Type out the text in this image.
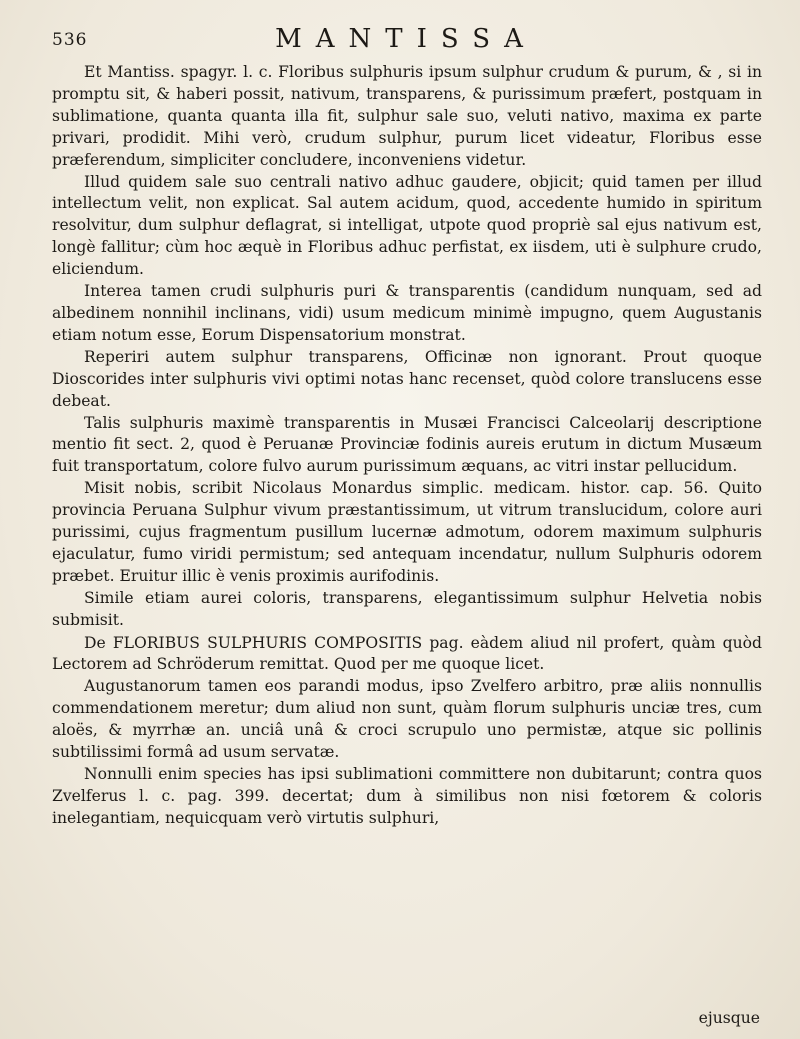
536	MANTISSA

Et Mantiss. spagyr. l. c. Floribus sulphuris ipsum sulphur crudum & purum, & , si in promptu sit, & haberi possit, nativum, transparens, & purissimum præfert, postquam in sublimatione, quanta quanta illa fit, sulphur sale suo, veluti nativo, maxima ex parte privari, prodidit. Mihi verò, crudum sulphur, purum licet videatur, Floribus esse præferendum, simpliciter concludere, inconveniens videtur.

Illud quidem sale suo centrali nativo adhuc gaudere, objicit; quid tamen per illud intellectum velit, non explicat. Sal autem acidum, quod, accedente humido in spiritum resolvitur, dum sulphur deflagrat, si intelligat, utpote quod propriè sal ejus nativum est, longè fallitur; cùm hoc æquè in Floribus adhuc perfistat, ex iisdem, uti è sulphure crudo, eliciendum.

Interea tamen crudi sulphuris puri & transparentis (candidum nunquam, sed ad albedinem nonnihil inclinans, vidi) usum medicum minimè impugno, quem Augustanis etiam notum esse, Eorum Dispensatorium monstrat.

Reperiri autem sulphur transparens, Officinæ non ignorant. Prout quoque Dioscorides inter sulphuris vivi optimi notas hanc recenset, quòd colore translucens esse debeat.

Talis sulphuris maximè transparentis in Musæi Francisci Calceolarij descriptione mentio fit sect. 2, quod è Peruanæ Provinciæ fodinis aureis erutum in dictum Musæum fuit transportatum, colore fulvo aurum purissimum æquans, ac vitri instar pellucidum.

Misit nobis, scribit Nicolaus Monardus simplic. medicam. histor. cap. 56. Quito provincia Peruana Sulphur vivum præstantissimum, ut vitrum translucidum, colore auri purissimi, cujus fragmentum pusillum lucernæ admotum, odorem maximum sulphuris ejaculatur, fumo viridi permistum; sed antequam incendatur, nullum Sulphuris odorem præbet. Eruitur illic è venis proximis aurifodinis.

Simile etiam aurei coloris, transparens, elegantissimum sulphur Helvetia nobis submisit.

De FLORIBUS SULPHURIS COMPOSITIS pag. eàdem aliud nil profert, quàm quòd Lectorem ad Schröderum remittat. Quod per me quoque licet.

Augustanorum tamen eos parandi modus, ipso Zvelfero arbitro, præ aliis nonnullis commendationem meretur; dum aliud non sunt, quàm florum sulphuris unciæ tres, cum aloës, & myrrhæ an. unciâ unâ & croci scrupulo uno permistæ, atque sic pollinis subtilissimi formâ ad usum servatæ.

Nonnulli enim species has ipsi sublimationi committere non dubitarunt; contra quos Zvelferus l. c. pag. 399. decertat; dum à similibus non nisi fœtorem & coloris inelegantiam, nequicquam verò virtutis sulphuri,

ejusque
